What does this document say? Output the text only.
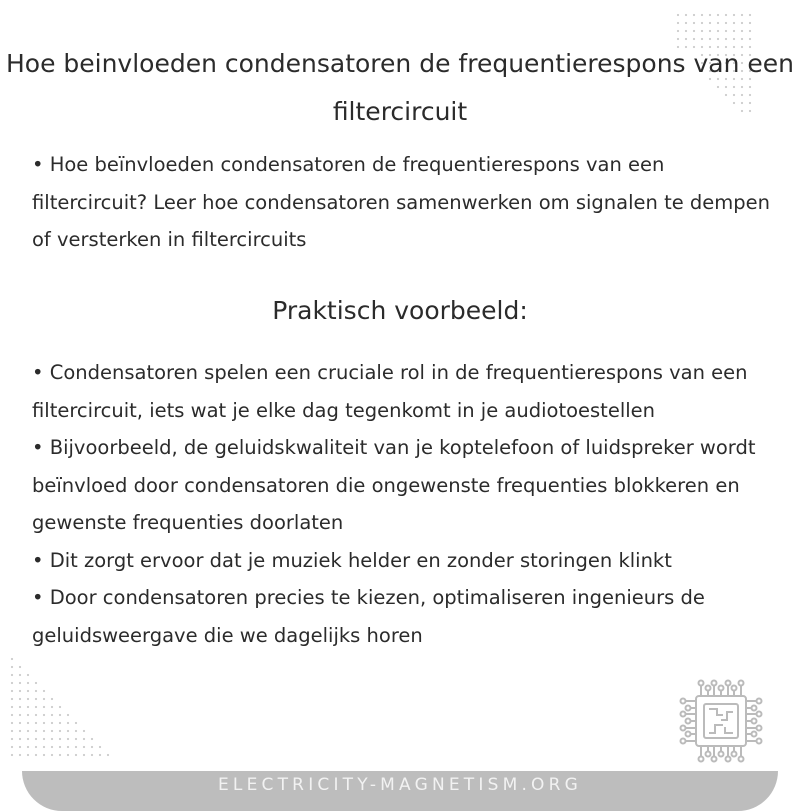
Hoe beinvloeden condensatoren de frequentierespons van een filtercircuit
• Hoe beïnvloeden condensatoren de frequentierespons van een filtercircuit? Leer hoe condensatoren samenwerken om signalen te dempen of versterken in filtercircuits
Praktisch voorbeeld:
• Condensatoren spelen een cruciale rol in de frequentierespons van een filtercircuit, iets wat je elke dag tegenkomt in je audiotoestellen
• Bijvoorbeeld, de geluidskwaliteit van je koptelefoon of luidspreker wordt beïnvloed door condensatoren die ongewenste frequenties blokkeren en gewenste frequenties doorlaten
• Dit zorgt ervoor dat je muziek helder en zonder storingen klinkt
• Door condensatoren precies te kiezen, optimaliseren ingenieurs de geluidsweergave die we dagelijks horen
ELECTRICITY-MAGNETISM.ORG
